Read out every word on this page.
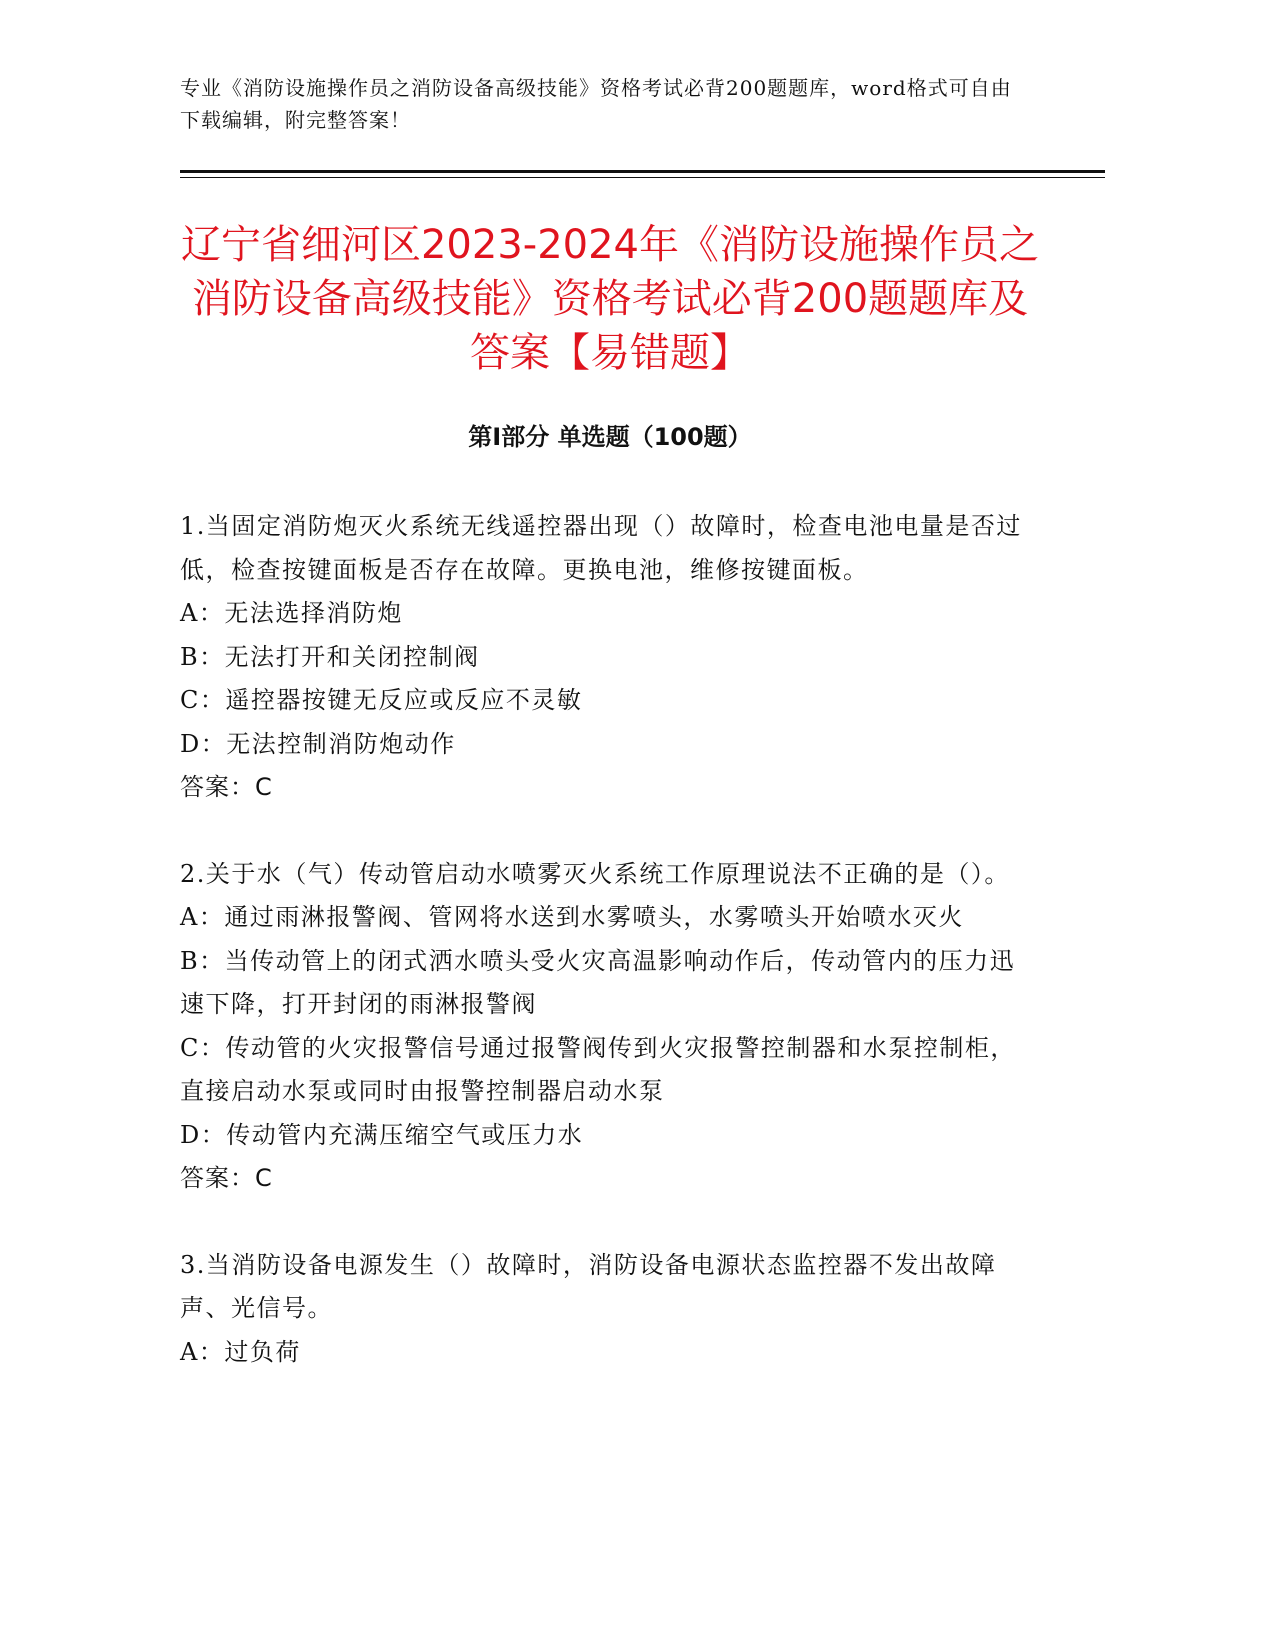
专业《消防设施操作员之消防设备高级技能》资格考试必背200题题库，word格式可自由下载编辑，附完整答案！
辽宁省细河区2023-2024年《消防设施操作员之消防设备高级技能》资格考试必背200题题库及答案【易错题】
第Ⅰ部分 单选题（100题）

1.当固定消防炮灭火系统无线遥控器出现（）故障时，检查电池电量是否过低，检查按键面板是否存在故障。更换电池，维修按键面板。

A：无法选择消防炮

B：无法打开和关闭控制阀

C：遥控器按键无反应或反应不灵敏

D：无法控制消防炮动作

答案：C

2.关于水（气）传动管启动水喷雾灭火系统工作原理说法不正确的是（）。

A：通过雨淋报警阀、管网将水送到水雾喷头，水雾喷头开始喷水灭火

B：当传动管上的闭式洒水喷头受火灾高温影响动作后，传动管内的压力迅速下降，打开封闭的雨淋报警阀

C：传动管的火灾报警信号通过报警阀传到火灾报警控制器和水泵控制柜，直接启动水泵或同时由报警控制器启动水泵

D：传动管内充满压缩空气或压力水

答案：C

3.当消防设备电源发生（）故障时，消防设备电源状态监控器不发出故障声、光信号。

A：过负荷
